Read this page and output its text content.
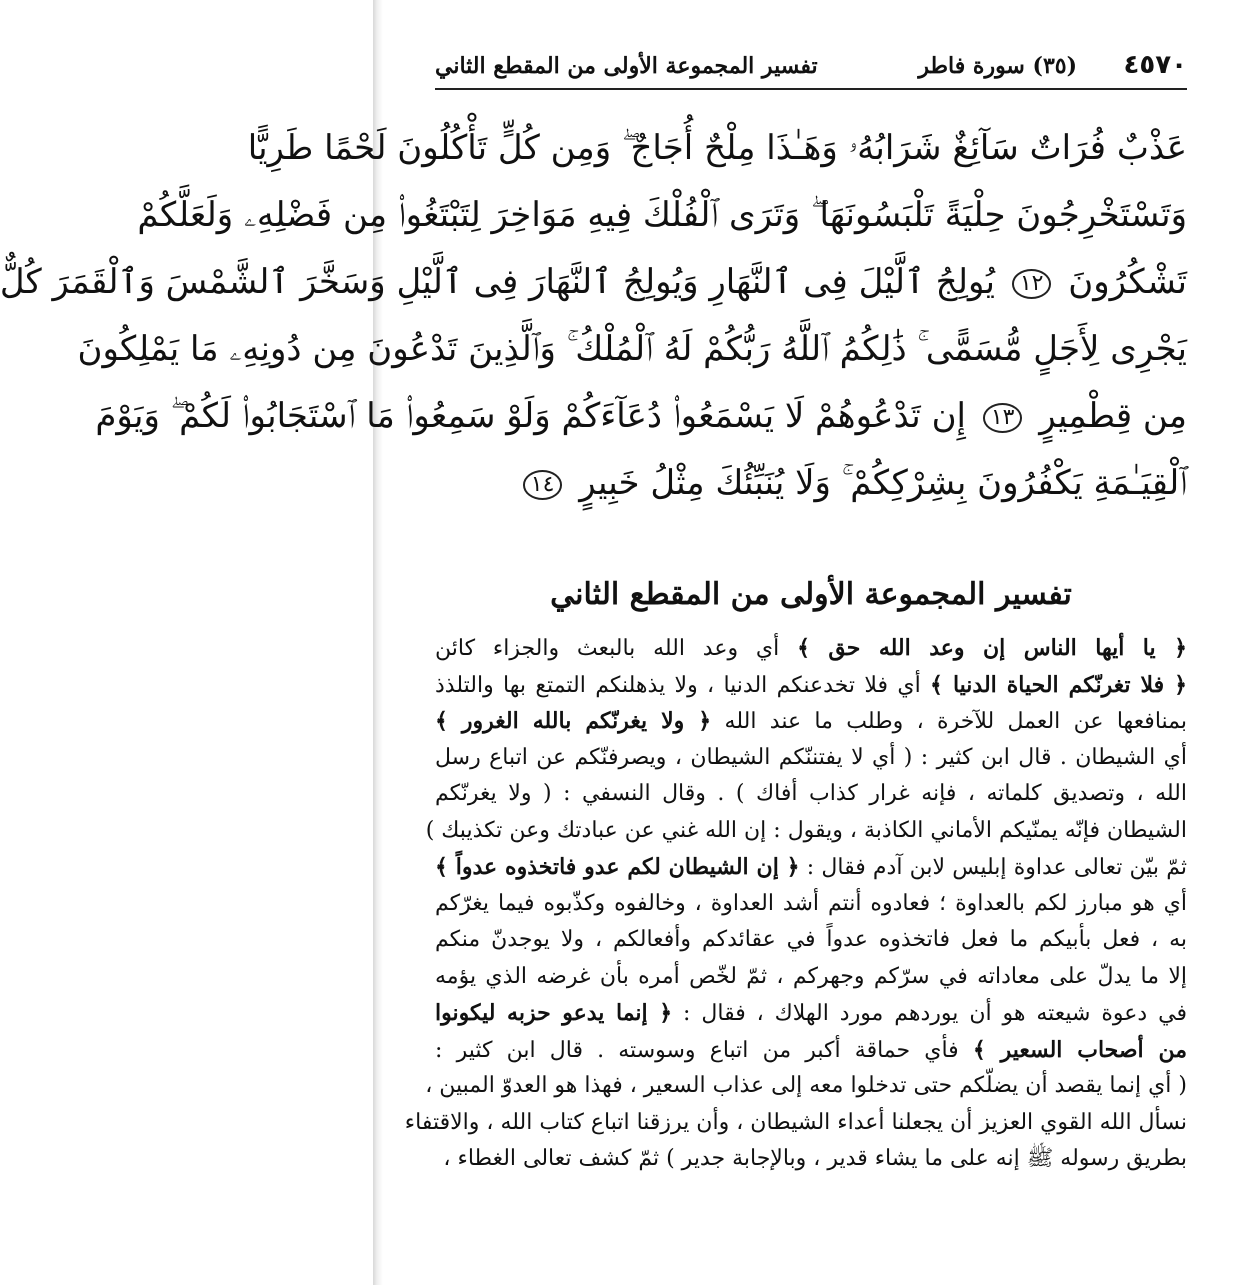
٤٥٧٠
(٣٥) سورة فاطر
تفسير المجموعة الأولى من المقطع الثاني
عَذْبٌ فُرَاتٌ سَآئِغٌ شَرَابُهُۥ وَهَـٰذَا مِلْحٌ أُجَاجٌ ۖ وَمِن كُلٍّ تَأْكُلُونَ لَحْمًا طَرِيًّا
وَتَسْتَخْرِجُونَ حِلْيَةً تَلْبَسُونَهَا ۖ وَتَرَى ٱلْفُلْكَ فِيهِ مَوَاخِرَ لِتَبْتَغُوا۟ مِن فَضْلِهِۦ وَلَعَلَّكُمْ
تَشْكُرُونَ ١٢ يُولِجُ ٱلَّيْلَ فِى ٱلنَّهَارِ وَيُولِجُ ٱلنَّهَارَ فِى ٱلَّيْلِ وَسَخَّرَ ٱلشَّمْسَ وَٱلْقَمَرَ كُلٌّ
يَجْرِى لِأَجَلٍ مُّسَمًّى ۚ ذَٰلِكُمُ ٱللَّهُ رَبُّكُمْ لَهُ ٱلْمُلْكُ ۚ وَٱلَّذِينَ تَدْعُونَ مِن دُونِهِۦ مَا يَمْلِكُونَ
مِن قِطْمِيرٍ ١٣ إِن تَدْعُوهُمْ لَا يَسْمَعُوا۟ دُعَآءَكُمْ وَلَوْ سَمِعُوا۟ مَا ٱسْتَجَابُوا۟ لَكُمْ ۖ وَيَوْمَ
ٱلْقِيَـٰمَةِ يَكْفُرُونَ بِشِرْكِكُمْ ۚ وَلَا يُنَبِّئُكَ مِثْلُ خَبِيرٍ ١٤
تفسير المجموعة الأولى من المقطع الثاني
﴿ يا أيها الناس إن وعد الله حق ﴾ أي وعد الله بالبعث والجزاء كائن
﴿ فلا تغرنّكم الحياة الدنيا ﴾ أي فلا تخدعنكم الدنيا ، ولا يذهلنكم التمتع بها والتلذذ
بمنافعها عن العمل للآخرة ، وطلب ما عند الله ﴿ ولا يغرنّكم بالله الغرور ﴾
أي الشيطان . قال ابن كثير : ( أي لا يفتننّكم الشيطان ، ويصرفنّكم عن اتباع رسل
الله ، وتصديق كلماته ، فإنه غرار كذاب أفاك ) . وقال النسفي : ( ولا يغرنّكم
الشيطان فإنّه يمنّيكم الأماني الكاذبة ، ويقول : إن الله غني عن عبادتك وعن تكذيبك )
ثمّ بيّن تعالى عداوة إبليس لابن آدم فقال : ﴿ إن الشيطان لكم عدو فاتخذوه عدواً ﴾
أي هو مبارز لكم بالعداوة ؛ فعادوه أنتم أشد العداوة ، وخالفوه وكذّبوه فيما يغرّكم
به ، فعل بأبيكم ما فعل فاتخذوه عدواً في عقائدكم وأفعالكم ، ولا يوجدنّ منكم
إلا ما يدلّ على معاداته في سرّكم وجهركم ، ثمّ لخّص أمره بأن غرضه الذي يؤمه
في دعوة شيعته هو أن يوردهم مورد الهلاك ، فقال : ﴿ إنما يدعو حزبه ليكونوا
من أصحاب السعير ﴾ فأي حماقة أكبر من اتباع وسوسته . قال ابن كثير :
( أي إنما يقصد أن يضلّكم حتى تدخلوا معه إلى عذاب السعير ، فهذا هو العدوّ المبين ،
نسأل الله القوي العزيز أن يجعلنا أعداء الشيطان ، وأن يرزقنا اتباع كتاب الله ، والاقتفاء
بطريق رسوله ﷺ إنه على ما يشاء قدير ، وبالإجابة جدير ) ثمّ كشف تعالى الغطاء ،
